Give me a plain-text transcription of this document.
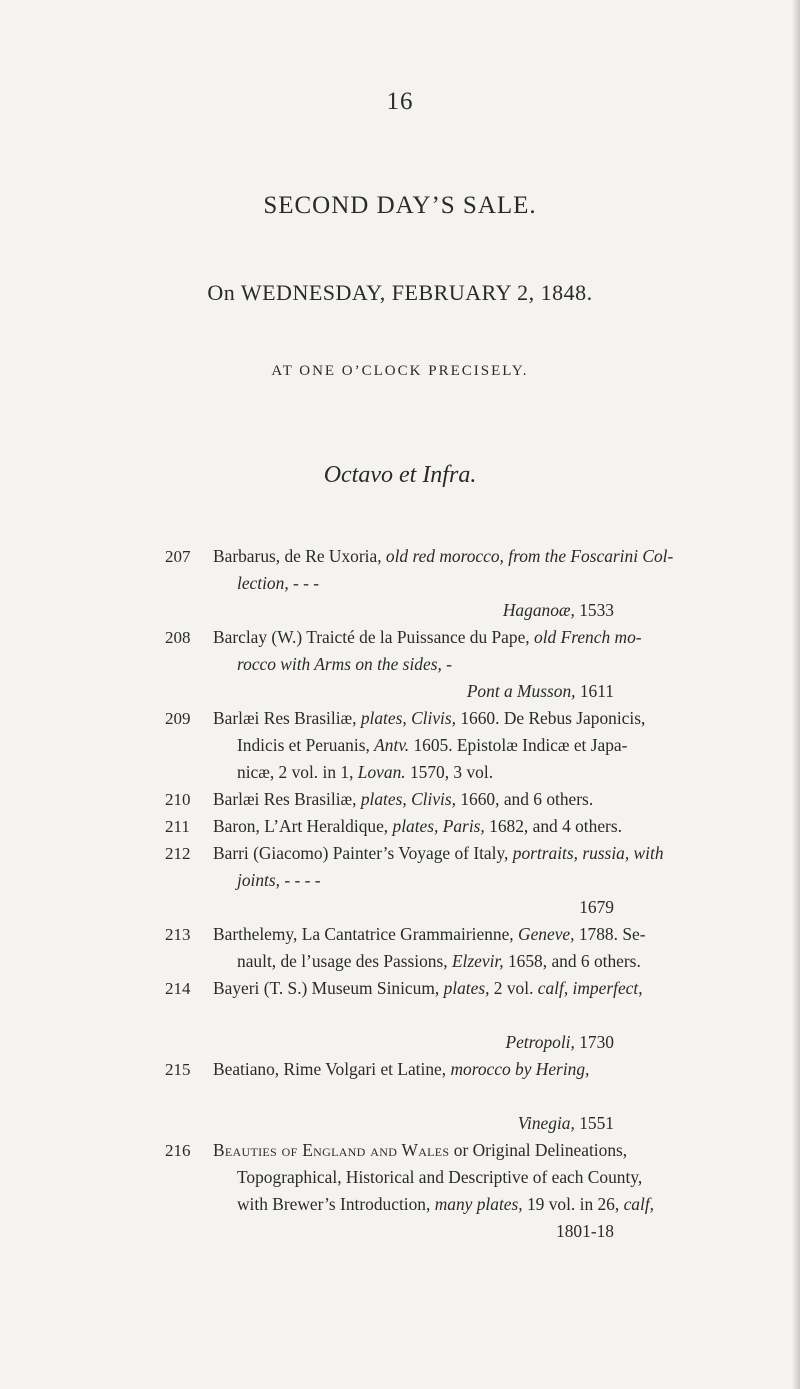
16
SECOND DAY’S SALE.
On WEDNESDAY, FEBRUARY 2, 1848.
AT ONE O’CLOCK PRECISELY.
Octavo et Infra.
207	Barbarus, de Re Uxoria, old red morocco, from the Foscarini Col-
lection, - - -
Haganoæ, 1533
208	Barclay (W.) Traicté de la Puissance du Pape, old French mo-
rocco with Arms on the sides, -
Pont a Musson, 1611
209	Barlæi Res Brasiliæ, plates, Clivis, 1660. De Rebus Japonicis,
Indicis et Peruanis, Antv. 1605. Epistolæ Indicæ et Japa-
nicæ, 2 vol. in 1, Lovan. 1570, 3 vol.
210	Barlæi Res Brasiliæ, plates, Clivis, 1660, and 6 others.
211	Baron, L’Art Heraldique, plates, Paris, 1682, and 4 others.
212	Barri (Giacomo) Painter’s Voyage of Italy, portraits, russia, with
joints, - - - -
1679
213	Barthelemy, La Cantatrice Grammairienne, Geneve, 1788. Se-
nault, de l’usage des Passions, Elzevir, 1658, and 6 others.
214	Bayeri (T. S.) Museum Sinicum, plates, 2 vol. calf, imperfect,
Petropoli, 1730
215	Beatiano, Rime Volgari et Latine, morocco by Hering,
Vinegia, 1551
216	Beauties of England and Wales or Original Delineations,
Topographical, Historical and Descriptive of each County,
with Brewer’s Introduction, many plates, 19 vol. in 26, calf,
1801-18
